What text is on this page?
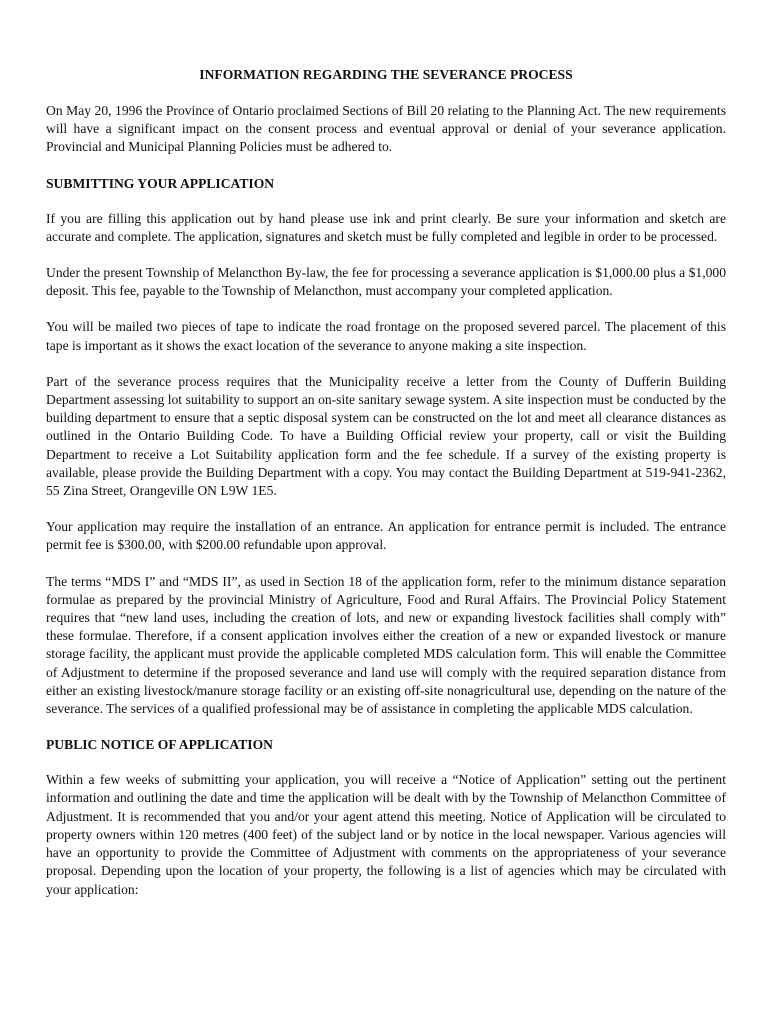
INFORMATION REGARDING THE SEVERANCE PROCESS

On May 20, 1996 the Province of Ontario proclaimed Sections of Bill 20 relating to the Planning Act. The new requirements will have a significant impact on the consent process and eventual approval or denial of your severance application. Provincial and Municipal Planning Policies must be adhered to.

SUBMITTING YOUR APPLICATION

If you are filling this application out by hand please use ink and print clearly. Be sure your information and sketch are accurate and complete. The application, signatures and sketch must be fully completed and legible in order to be processed.

Under the present Township of Melancthon By-law, the fee for processing a severance application is $1,000.00 plus a $1,000 deposit. This fee, payable to the Township of Melancthon, must accompany your completed application.

You will be mailed two pieces of tape to indicate the road frontage on the proposed severed parcel. The placement of this tape is important as it shows the exact location of the severance to anyone making a site inspection.

Part of the severance process requires that the Municipality receive a letter from the County of Dufferin Building Department assessing lot suitability to support an on-site sanitary sewage system. A site inspection must be conducted by the building department to ensure that a septic disposal system can be constructed on the lot and meet all clearance distances as outlined in the Ontario Building Code. To have a Building Official review your property, call or visit the Building Department to receive a Lot Suitability application form and the fee schedule. If a survey of the existing property is available, please provide the Building Department with a copy. You may contact the Building Department at 519-941-2362, 55 Zina Street, Orangeville ON L9W 1E5.

Your application may require the installation of an entrance. An application for entrance permit is included. The entrance permit fee is $300.00, with $200.00 refundable upon approval.

The terms “MDS I” and “MDS II”, as used in Section 18 of the application form, refer to the minimum distance separation formulae as prepared by the provincial Ministry of Agriculture, Food and Rural Affairs. The Provincial Policy Statement requires that “new land uses, including the creation of lots, and new or expanding livestock facilities shall comply with” these formulae. Therefore, if a consent application involves either the creation of a new or expanded livestock or manure storage facility, the applicant must provide the applicable completed MDS calculation form. This will enable the Committee of Adjustment to determine if the proposed severance and land use will comply with the required separation distance from either an existing livestock/manure storage facility or an existing off-site nonagricultural use, depending on the nature of the severance. The services of a qualified professional may be of assistance in completing the applicable MDS calculation.

PUBLIC NOTICE OF APPLICATION

Within a few weeks of submitting your application, you will receive a “Notice of Application” setting out the pertinent information and outlining the date and time the application will be dealt with by the Township of Melancthon Committee of Adjustment. It is recommended that you and/or your agent attend this meeting. Notice of Application will be circulated to property owners within 120 metres (400 feet) of the subject land or by notice in the local newspaper. Various agencies will have an opportunity to provide the Committee of Adjustment with comments on the appropriateness of your severance proposal. Depending upon the location of your property, the following is a list of agencies which may be circulated with your application:
